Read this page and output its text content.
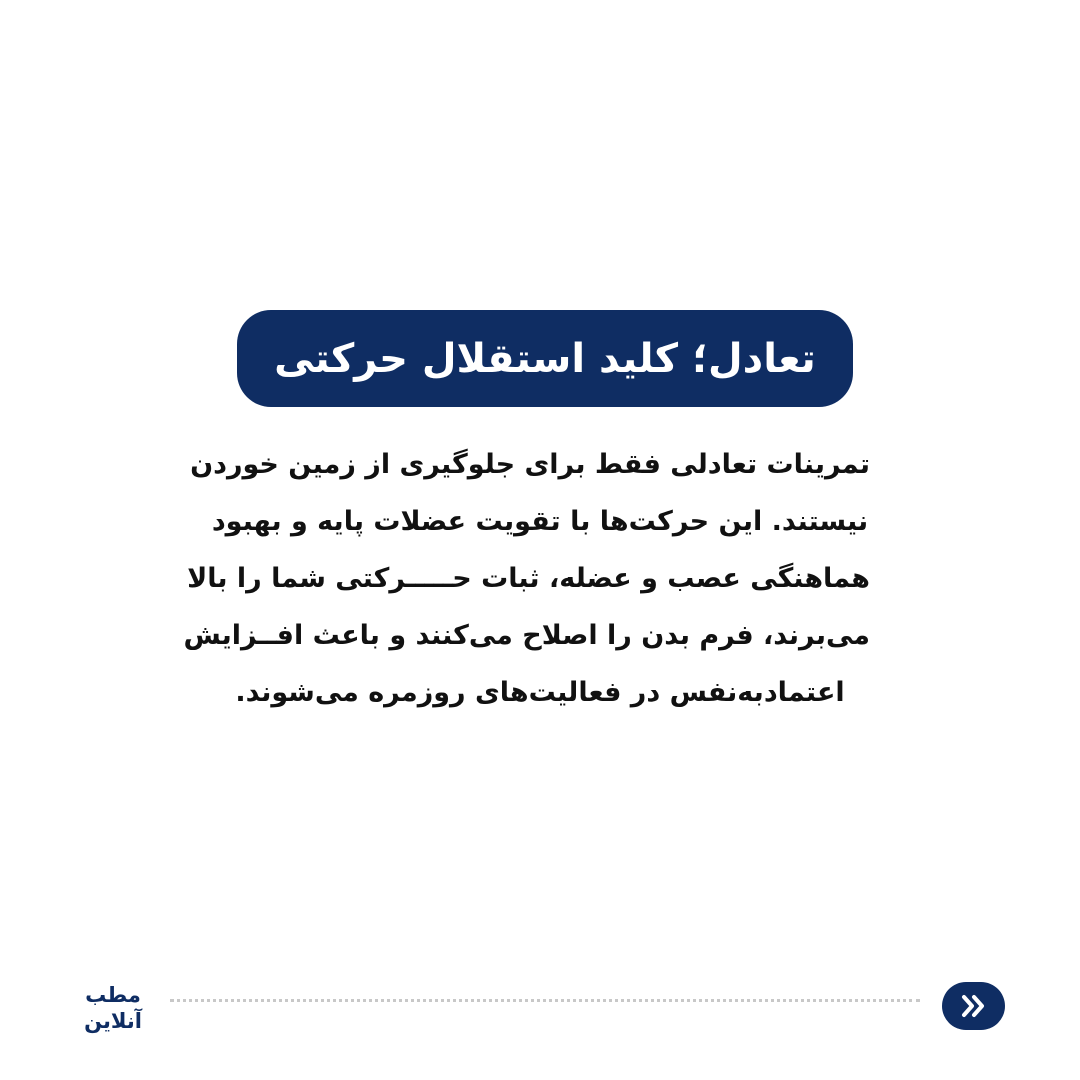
تعادل؛ کلید استقلال حرکتی
تمرینات تعادلی فقط برای جلوگیری از زمین خوردن
نیستند. این حرکت‌ها با تقویت عضلات پایه و بهبود
هماهنگی عصب و عضله، ثبات حـــــرکتی شما را بالا
می‌برند، فرم بدن را اصلاح می‌کنند و باعث افــزایش
اعتمادبه‌نفس در فعالیت‌های روزمره می‌شوند.
مطب
آنلاین
